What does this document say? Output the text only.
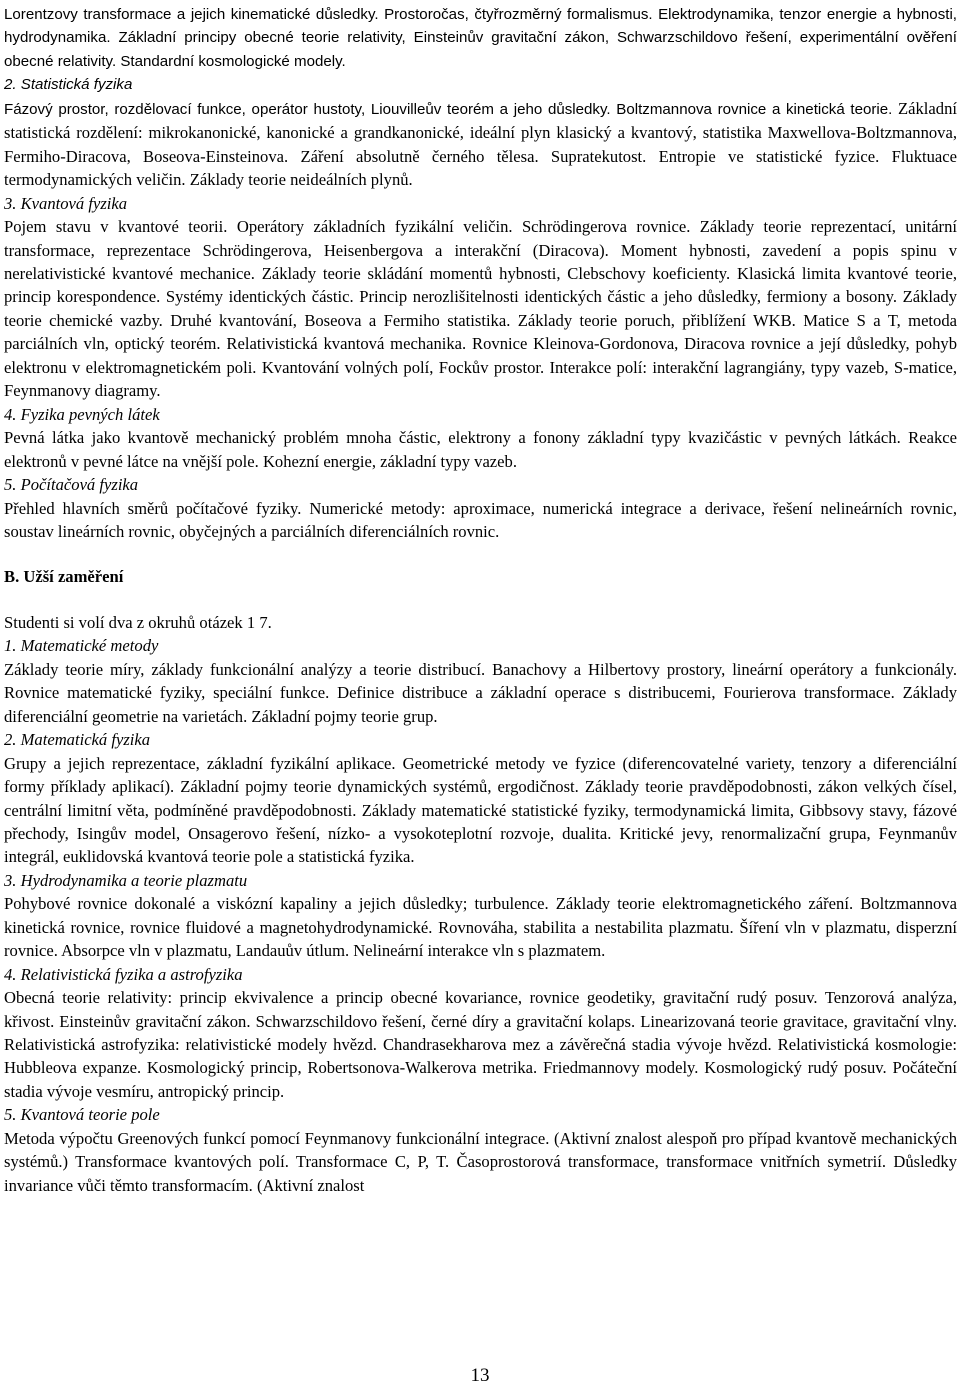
Lorentzovy transformace a jejich kinematické důsledky. Prostoročas, čtyřrozměrný formalismus. Elektrodynamika, tenzor energie a hybnosti, hydrodynamika. Základní principy obecné teorie relativity, Einsteinův gravitační zákon, Schwarzschildovo řešení, experimentální ověření obecné relativity. Standardní kosmologické modely.

2. Statistická fyzika

Fázový prostor, rozdělovací funkce, operátor hustoty, Liouvilleův teorém a jeho důsledky. Boltzmannova rovnice a kinetická teorie. Základní statistická rozdělení: mikrokanonické, kanonické a grandkanonické, ideální plyn klasický a kvantový, statistika Maxwellova-Boltzmannova, Fermiho-Diracova, Boseova-Einsteinova. Záření absolutně černého tělesa. Supratekutost. Entropie ve statistické fyzice. Fluktuace termodynamických veličin. Základy teorie neideálních plynů.

3. Kvantová fyzika

Pojem stavu v kvantové teorii. Operátory základních fyzikální veličin. Schrödingerova rovnice. Základy teorie reprezentací, unitární transformace, reprezentace Schrödingerova, Heisenbergova a interakční (Diracova). Moment hybnosti, zavedení a popis spinu v nerelativistické kvantové mechanice. Základy teorie skládání momentů hybnosti, Clebschovy koeficienty. Klasická limita kvantové teorie, princip korespondence. Systémy identických částic. Princip nerozlišitelnosti identických částic a jeho důsledky, fermiony a bosony. Základy teorie chemické vazby. Druhé kvantování, Boseova a Fermiho statistika. Základy teorie poruch, přiblížení WKB. Matice S a T, metoda parciálních vln, optický teorém. Relativistická kvantová mechanika. Rovnice Kleinova-Gordonova, Diracova rovnice a její důsledky, pohyb elektronu v elektromagnetickém poli. Kvantování volných polí, Fockův prostor. Interakce polí: interakční lagrangiány, typy vazeb, S-matice, Feynmanovy diagramy.

4. Fyzika pevných látek

Pevná látka jako kvantově mechanický problém mnoha částic, elektrony a fonony základní typy kvazičástic v pevných látkách. Reakce elektronů v pevné látce na vnější pole. Kohezní energie, základní typy vazeb.

5. Počítačová fyzika

Přehled hlavních směrů počítačové fyziky. Numerické metody: aproximace, numerická integrace a derivace, řešení nelineárních rovnic, soustav lineárních rovnic, obyčejných a parciálních diferenciálních rovnic.

B. Užší zaměření

Studenti si volí dva z okruhů otázek 1 7.

1. Matematické metody

Základy teorie míry, základy funkcionální analýzy a teorie distribucí. Banachovy a Hilbertovy prostory, lineární operátory a funkcionály. Rovnice matematické fyziky, speciální funkce. Definice distribuce a základní operace s distribucemi, Fourierova transformace. Základy diferenciální geometrie na varietách. Základní pojmy teorie grup.

2. Matematická fyzika

Grupy a jejich reprezentace, základní fyzikální aplikace. Geometrické metody ve fyzice (diferencovatelné variety, tenzory a diferenciální formy příklady aplikací). Základní pojmy teorie dynamických systémů, ergodičnost. Základy teorie pravděpodobnosti, zákon velkých čísel, centrální limitní věta, podmíněné pravděpodobnosti. Základy matematické statistické fyziky, termodynamická limita, Gibbsovy stavy, fázové přechody, Isingův model, Onsagerovo řešení, nízko- a vysokoteplotní rozvoje, dualita. Kritické jevy, renormalizační grupa, Feynmanův integrál, euklidovská kvantová teorie pole a statistická fyzika.

3. Hydrodynamika a teorie plazmatu

Pohybové rovnice dokonalé a viskózní kapaliny a jejich důsledky; turbulence. Základy teorie elektromagnetického záření. Boltzmannova kinetická rovnice, rovnice fluidové a magnetohydrodynamické. Rovnováha, stabilita a nestabilita plazmatu. Šíření vln v plazmatu, disperzní rovnice. Absorpce vln v plazmatu, Landauův útlum. Nelineární interakce vln s plazmatem.

4. Relativistická fyzika a astrofyzika

Obecná teorie relativity: princip ekvivalence a princip obecné kovariance, rovnice geodetiky, gravitační rudý posuv. Tenzorová analýza, křivost. Einsteinův gravitační zákon. Schwarzschildovo řešení, černé díry a gravitační kolaps. Linearizovaná teorie gravitace, gravitační vlny. Relativistická astrofyzika: relativistické modely hvězd. Chandrasekharova mez a závěrečná stadia vývoje hvězd. Relativistická kosmologie: Hubbleova expanze. Kosmologický princip, Robertsonova-Walkerova metrika. Friedmannovy modely. Kosmologický rudý posuv. Počáteční stadia vývoje vesmíru, antropický princip.

5. Kvantová teorie pole

Metoda výpočtu Greenových funkcí pomocí Feynmanovy funkcionální integrace. (Aktivní znalost alespoň pro případ kvantově mechanických systémů.) Transformace kvantových polí. Transformace C, P, T. Časoprostorová transformace, transformace vnitřních symetrií. Důsledky invariance vůči těmto transformacím. (Aktivní znalost

13
